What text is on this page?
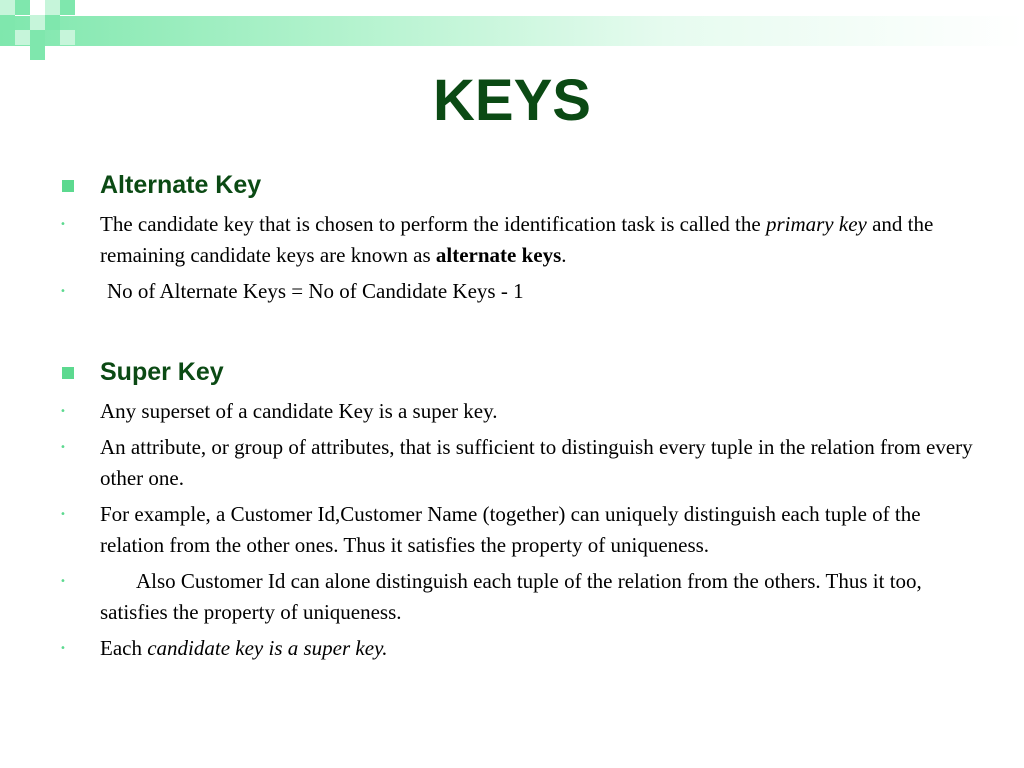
KEYS
Alternate Key
• The candidate key that is chosen to perform the identification task is called the primary key and the remaining candidate keys are known as alternate keys.
• No of Alternate Keys = No of Candidate Keys - 1
Super Key
• Any superset of a candidate Key is a super key.
• An attribute, or group of attributes, that is sufficient to distinguish every tuple in the relation from every other one.
• For example, a Customer Id,Customer Name (together) can uniquely distinguish each tuple of the relation from the other ones. Thus it satisfies the property of uniqueness.
•	Also Customer Id can alone distinguish each tuple of the relation from the others. Thus it too, satisfies the property of uniqueness.
• Each candidate key is a super key.
